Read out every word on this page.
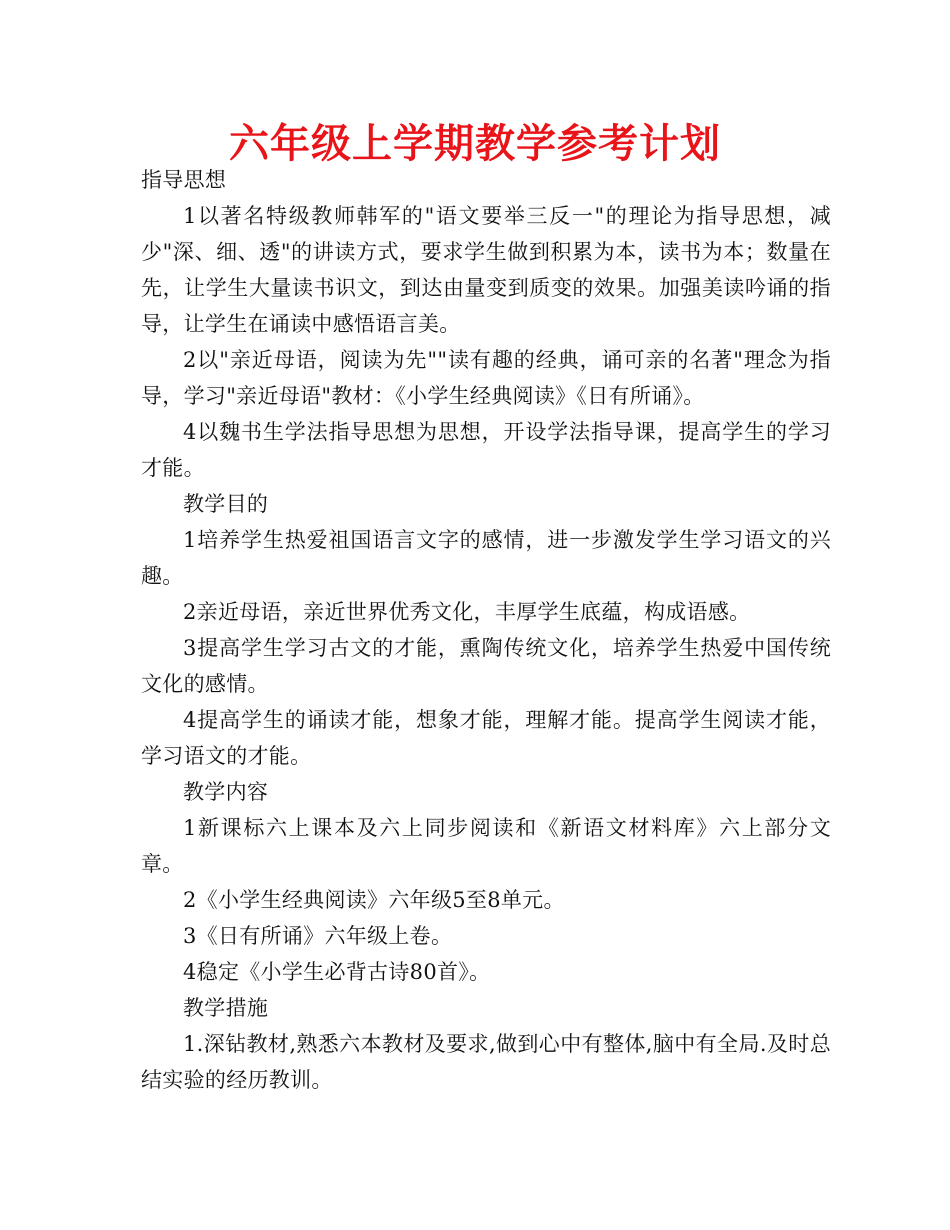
六年级上学期教学参考计划

指导思想

1以著名特级教师韩军的"语文要举三反一"的理论为指导思想，减少"深、细、透"的讲读方式，要求学生做到积累为本，读书为本；数量在先，让学生大量读书识文，到达由量变到质变的效果。加强美读吟诵的指导，让学生在诵读中感悟语言美。

2以"亲近母语，阅读为先""读有趣的经典，诵可亲的名著"理念为指导，学习"亲近母语"教材：《小学生经典阅读》《日有所诵》。

4以魏书生学法指导思想为思想，开设学法指导课，提高学生的学习才能。

教学目的

1培养学生热爱祖国语言文字的感情，进一步激发学生学习语文的兴趣。

2亲近母语，亲近世界优秀文化，丰厚学生底蕴，构成语感。

3提高学生学习古文的才能，熏陶传统文化，培养学生热爱中国传统文化的感情。

4提高学生的诵读才能，想象才能，理解才能。提高学生阅读才能，学习语文的才能。

教学内容

1新课标六上课本及六上同步阅读和《新语文材料库》六上部分文章。

2《小学生经典阅读》六年级5至8单元。

3《日有所诵》六年级上卷。

4稳定《小学生必背古诗80首》。

教学措施

1.深钻教材,熟悉六本教材及要求,做到心中有整体,脑中有全局.及时总结实验的经历教训。
